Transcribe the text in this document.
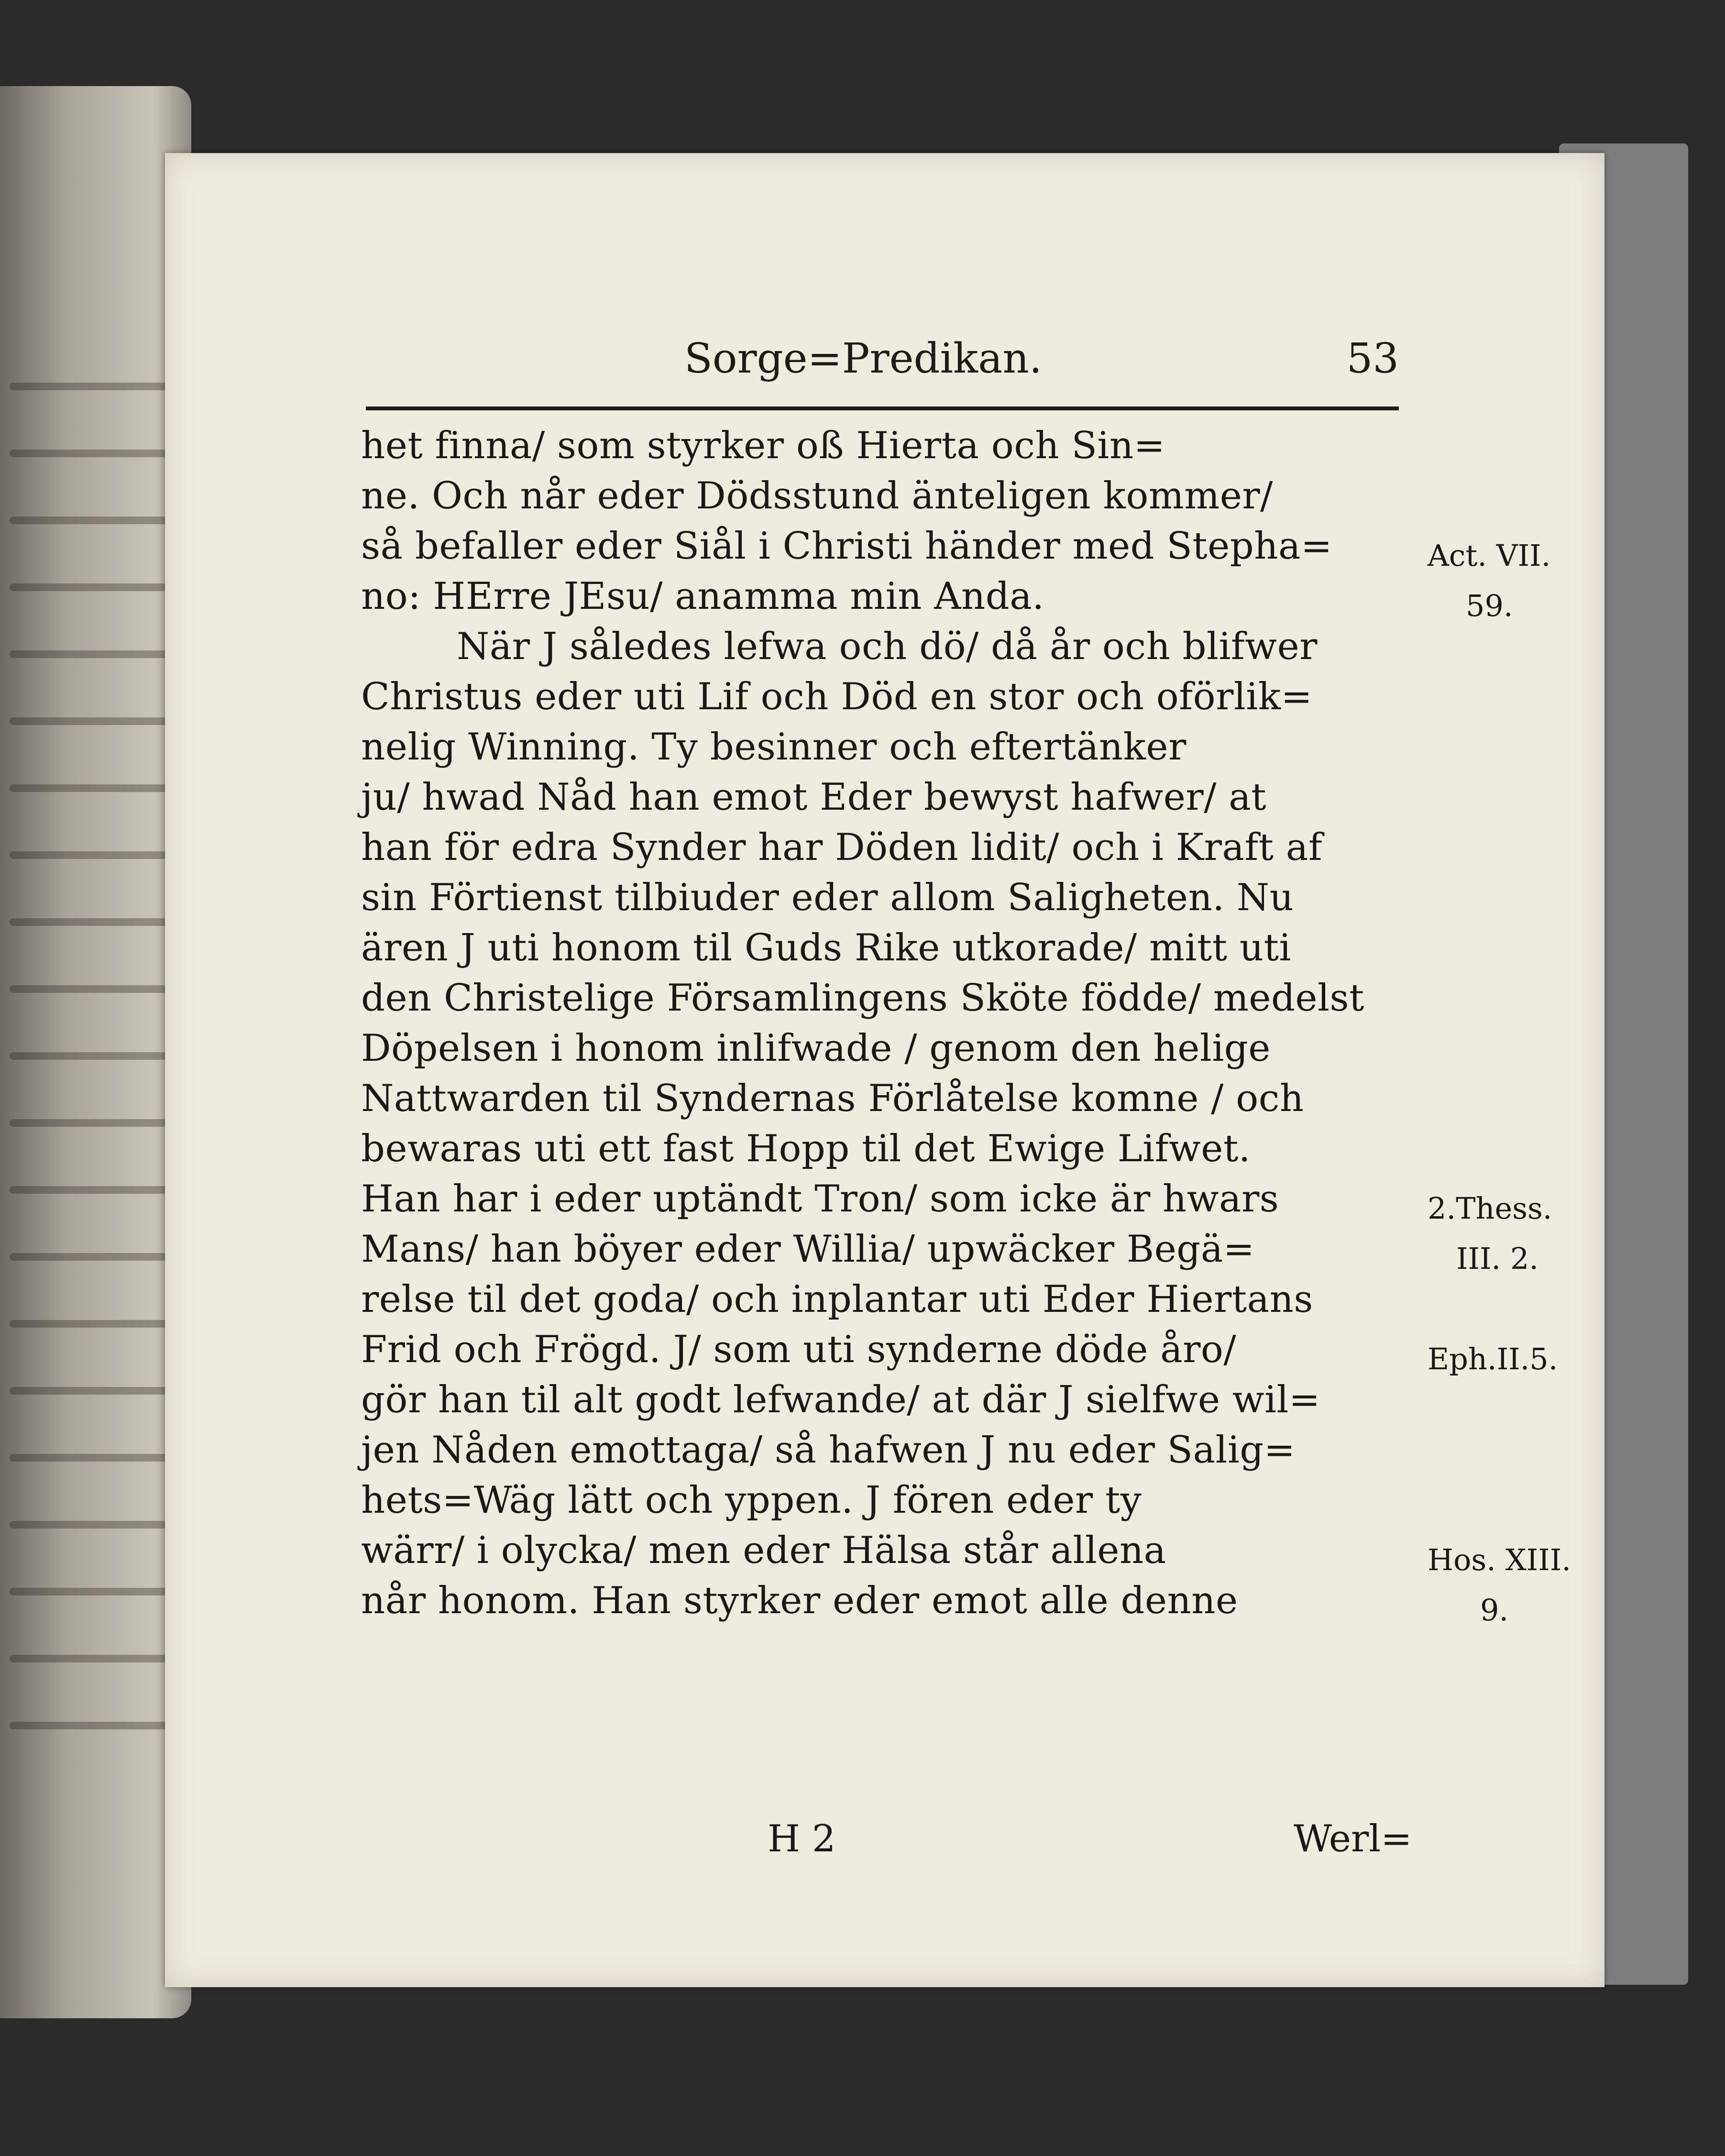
Sorge=Predikan.	53
het finna/ som styrker oß Hierta och Sin=
ne. Och når eder Dödsstund änteligen kommer/
så befaller eder Siål i Christi händer med Stepha=
no: HErre JEsu/ anamma min Anda.
När J således lefwa och dö/ då år och blifwer
Christus eder uti Lif och Död en stor och oförlik=
nelig Winning. Ty besinner och eftertänker
ju/ hwad Nåd han emot Eder bewyst hafwer/ at
han för edra Synder har Döden lidit/ och i Kraft af
sin Förtienst tilbiuder eder allom Saligheten. Nu
ären J uti honom til Guds Rike utkorade/ mitt uti
den Christelige Församlingens Sköte födde/ medelst
Döpelsen i honom inlifwade / genom den helige
Nattwarden til Syndernas Förlåtelse komne / och
bewaras uti ett fast Hopp til det Ewige Lifwet.
Han har i eder uptändt Tron/ som icke är hwars
Mans/ han böyer eder Willia/ upwäcker Begä=
relse til det goda/ och inplantar uti Eder Hiertans
Frid och Frögd. J/ som uti synderne döde åro/
gör han til alt godt lefwande/ at där J sielfwe wil=
jen Nåden emottaga/ så hafwen J nu eder Salig=
hets=Wäg lätt och yppen. J fören eder ty
wärr/ i olycka/ men eder Hälsa står allena
når honom. Han styrker eder emot alle denne
Act. VII.
59.
2.Thess.
III. 2.
Eph.II.5.
Hos. XIII.
9.
H 2	Werl=
